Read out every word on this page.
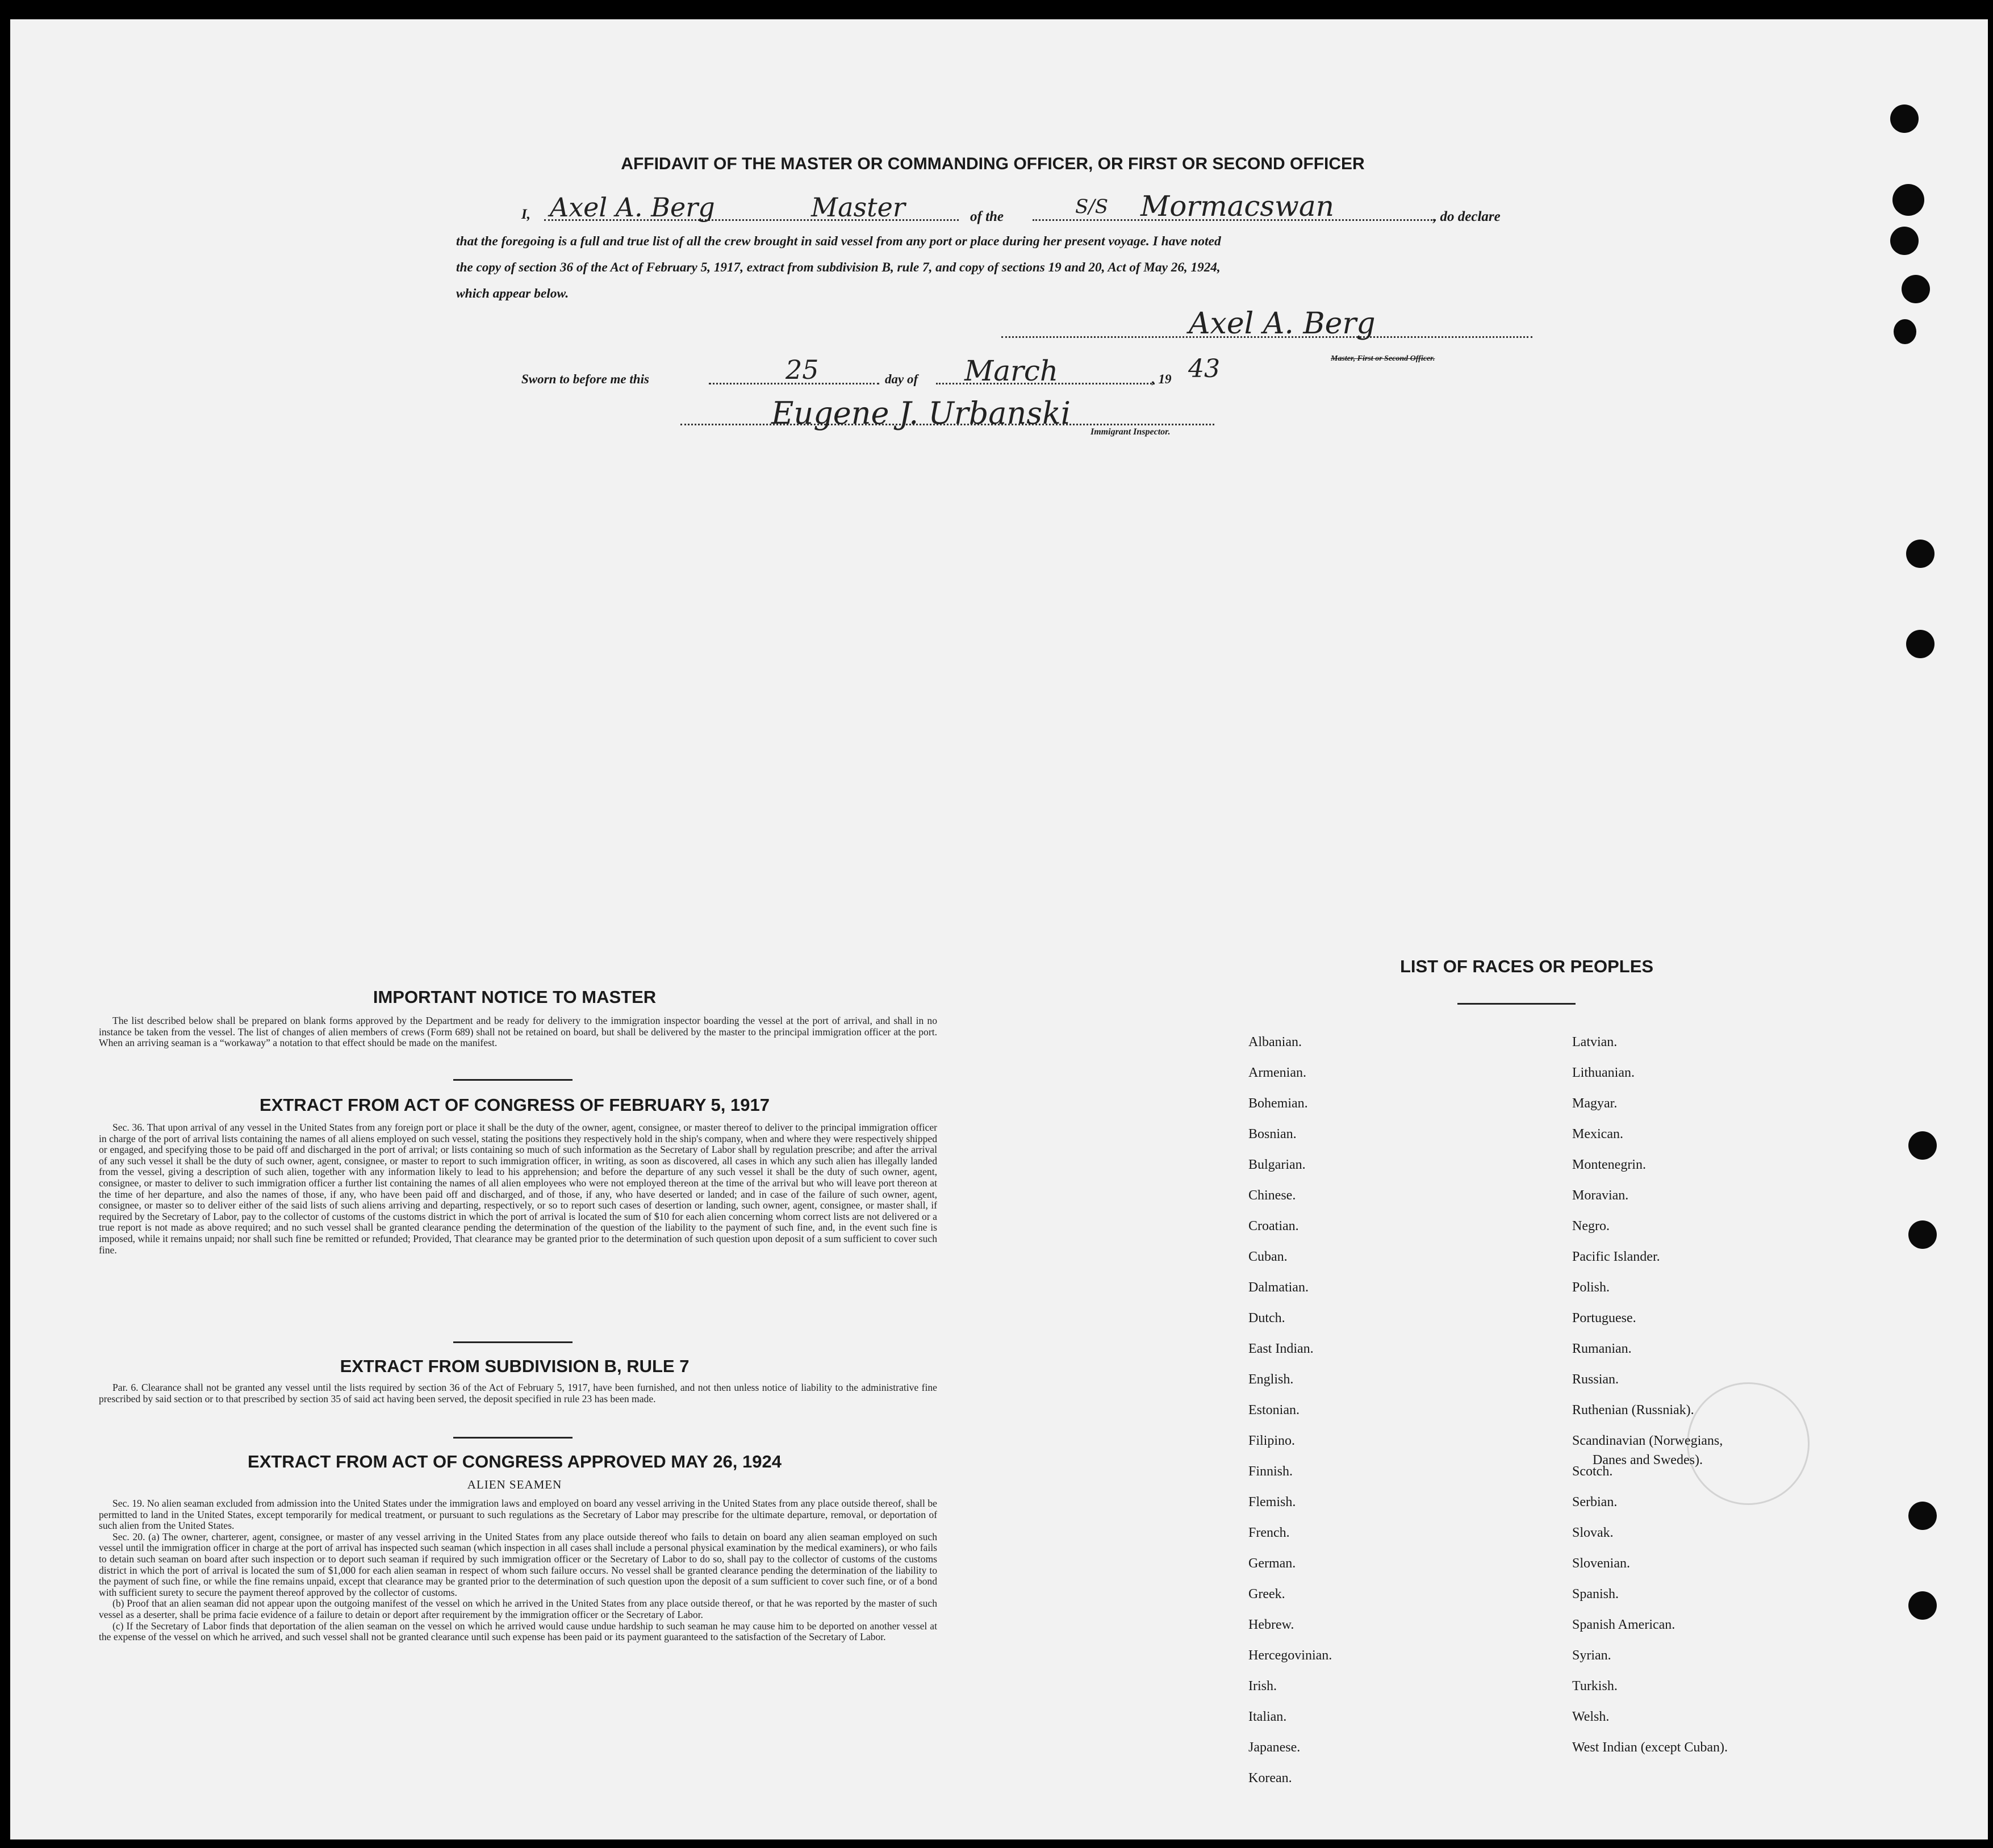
AFFIDAVIT OF THE MASTER OR COMMANDING OFFICER, OR FIRST OR SECOND OFFICER
I, Axel A. Berg	Master	of the	S/S Mormacswan	, do declare
that the foregoing is a full and true list of all the crew brought in said vessel from any port or place during her present voyage. I have noted
the copy of section 36 of the Act of February 5, 1917, extract from subdivision B, rule 7, and copy of sections 19 and 20, Act of May 26, 1924,
which appear below.
Axel A. Berg
Master, First or Second Officer.
Sworn to before me this	25	day of March	, 19 43
Eugene J. Urbanski
Immigrant Inspector.
IMPORTANT NOTICE TO MASTER

The list described below shall be prepared on blank forms approved by the Department and be ready for delivery to the immigration inspector boarding the vessel at the port of arrival, and shall in no instance be taken from the vessel. The list of changes of alien members of crews (Form 689) shall not be retained on board, but shall be delivered by the master to the principal immigration officer at the port. When an arriving seaman is a “workaway” a notation to that effect should be made on the manifest.

EXTRACT FROM ACT OF CONGRESS OF FEBRUARY 5, 1917

Sec. 36. That upon arrival of any vessel in the United States from any foreign port or place it shall be the duty of the owner, agent, consignee, or master thereof to deliver to the principal immigration officer in charge of the port of arrival lists containing the names of all aliens employed on such vessel, stating the positions they respectively hold in the ship's company, when and where they were respectively shipped or engaged, and specifying those to be paid off and discharged in the port of arrival; or lists containing so much of such information as the Secretary of Labor shall by regulation prescribe; and after the arrival of any such vessel it shall be the duty of such owner, agent, consignee, or master to report to such immigration officer, in writing, as soon as discovered, all cases in which any such alien has illegally landed from the vessel, giving a description of such alien, together with any information likely to lead to his apprehension; and before the departure of any such vessel it shall be the duty of such owner, agent, consignee, or master to deliver to such immigration officer a further list containing the names of all alien employees who were not employed thereon at the time of the arrival but who will leave port thereon at the time of her departure, and also the names of those, if any, who have been paid off and discharged, and of those, if any, who have deserted or landed; and in case of the failure of such owner, agent, consignee, or master so to deliver either of the said lists of such aliens arriving and departing, respectively, or so to report such cases of desertion or landing, such owner, agent, consignee, or master shall, if required by the Secretary of Labor, pay to the collector of customs of the customs district in which the port of arrival is located the sum of $10 for each alien concerning whom correct lists are not delivered or a true report is not made as above required; and no such vessel shall be granted clearance pending the determination of the question of the liability to the payment of such fine, and, in the event such fine is imposed, while it remains unpaid; nor shall such fine be remitted or refunded; Provided, That clearance may be granted prior to the determination of such question upon deposit of a sum sufficient to cover such fine.

EXTRACT FROM SUBDIVISION B, RULE 7

Par. 6. Clearance shall not be granted any vessel until the lists required by section 36 of the Act of February 5, 1917, have been furnished, and not then unless notice of liability to the administrative fine prescribed by said section or to that prescribed by section 35 of said act having been served, the deposit specified in rule 23 has been made.

EXTRACT FROM ACT OF CONGRESS APPROVED MAY 26, 1924
ALIEN SEAMEN

Sec. 19. No alien seaman excluded from admission into the United States under the immigration laws and employed on board any vessel arriving in the United States from any place outside thereof, shall be permitted to land in the United States, except temporarily for medical treatment, or pursuant to such regulations as the Secretary of Labor may prescribe for the ultimate departure, removal, or deportation of such alien from the United States.

Sec. 20. (a) The owner, charterer, agent, consignee, or master of any vessel arriving in the United States from any place outside thereof who fails to detain on board any alien seaman employed on such vessel until the immigration officer in charge at the port of arrival has inspected such seaman (which inspection in all cases shall include a personal physical examination by the medical examiners), or who fails to detain such seaman on board after such inspection or to deport such seaman if required by such immigration officer or the Secretary of Labor to do so, shall pay to the collector of customs of the customs district in which the port of arrival is located the sum of $1,000 for each alien seaman in respect of whom such failure occurs. No vessel shall be granted clearance pending the determination of the liability to the payment of such fine, or while the fine remains unpaid, except that clearance may be granted prior to the determination of such question upon the deposit of a sum sufficient to cover such fine, or of a bond with sufficient surety to secure the payment thereof approved by the collector of customs.

(b) Proof that an alien seaman did not appear upon the outgoing manifest of the vessel on which he arrived in the United States from any place outside thereof, or that he was reported by the master of such vessel as a deserter, shall be prima facie evidence of a failure to detain or deport after requirement by the immigration officer or the Secretary of Labor.

(c) If the Secretary of Labor finds that deportation of the alien seaman on the vessel on which he arrived would cause undue hardship to such seaman he may cause him to be deported on another vessel at the expense of the vessel on which he arrived, and such vessel shall not be granted clearance until such expense has been paid or its payment guaranteed to the satisfaction of the Secretary of Labor.

LIST OF RACES OR PEOPLES
Albanian.
Armenian.
Bohemian.
Bosnian.
Bulgarian.
Chinese.
Croatian.
Cuban.
Dalmatian.
Dutch.
East Indian.
English.
Estonian.
Filipino.
Finnish.
Flemish.
French.
German.
Greek.
Hebrew.
Hercegovinian.
Irish.
Italian.
Japanese.
Korean.
Latvian.
Lithuanian.
Magyar.
Mexican.
Montenegrin.
Moravian.
Negro.
Pacific Islander.
Polish.
Portuguese.
Rumanian.
Russian.
Ruthenian (Russniak).
Scandinavian (Norwegians,
Danes and Swedes).
Scotch.
Serbian.
Slovak.
Slovenian.
Spanish.
Spanish American.
Syrian.
Turkish.
Welsh.
West Indian (except Cuban).
